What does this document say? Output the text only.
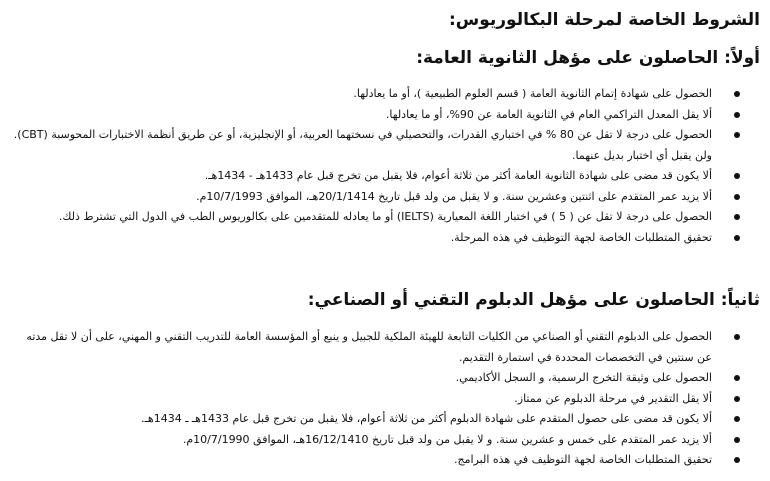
الشروط الخاصة لمرحلة البكالوريوس:
أولاً: الحاصلون على مؤهل الثانوية العامة:
الحصول على شهادة إتمام الثانوية العامة ( قسم العلوم الطبيعية )، أو ما يعادلها.
ألا يقل المعدل التراكمي العام في الثانوية العامة عن 90%، أو ما يعادلها.
الحصول على درجة لا تقل عن 80 % في اختباري القدرات، والتحصيلي في نسختهما العربية، أو الإنجليزية، أو عن طريق أنظمة الاختبارات المحوسبة (CBT). ولن يقبل أي اختبار بديل عنهما.
ألا يكون قد مضى على شهادة الثانوية العامة أكثر من ثلاثة أعوام، فلا يقبل من تخرج قبل عام 1433هـ - 1434هـ.
ألا يزيد عمر المتقدم على اثنتين وعشرين سنة. و لا يقبل من ولد قبل تاريخ 20/1/1414هـ، الموافق 10/7/1993م.
الحصول على درجة لا تقل عن ( 5 ) في اختبار اللغة المعيارية (IELTS) أو ما يعادله للمتقدمين على بكالوريوس الطب في الدول التي تشترط ذلك.
تحقيق المتطلبات الخاصة لجهة التوظيف في هذه المرحلة.
ثانياً: الحاصلون على مؤهل الدبلوم التقني أو الصناعي:
الحصول على الدبلوم التقني أو الصناعي من الكليات التابعة للهيئة الملكية للجبيل و ينبع أو المؤسسة العامة للتدريب التقني و المهني، على أن لا تقل مدته عن سنتين في التخصصات المحددة في استمارة التقديم.
الحصول على وثيقة التخرج الرسمية، و السجل الأكاديمي.
ألا يقل التقدير في مرحلة الدبلوم عن ممتاز.
ألا يكون قد مضى على حصول المتقدم على شهادة الدبلوم أكثر من ثلاثة أعوام، فلا يقبل من تخرج قبل عام 1433هـ ـ 1434هـ.
ألا يزيد عمر المتقدم على خمس و عشرين سنة. و لا يقبل من ولد قبل تاريخ 16/12/1410هـ، الموافق 10/7/1990م.
تحقيق المتطلبات الخاصة لجهة التوظيف في هذه البرامج.
